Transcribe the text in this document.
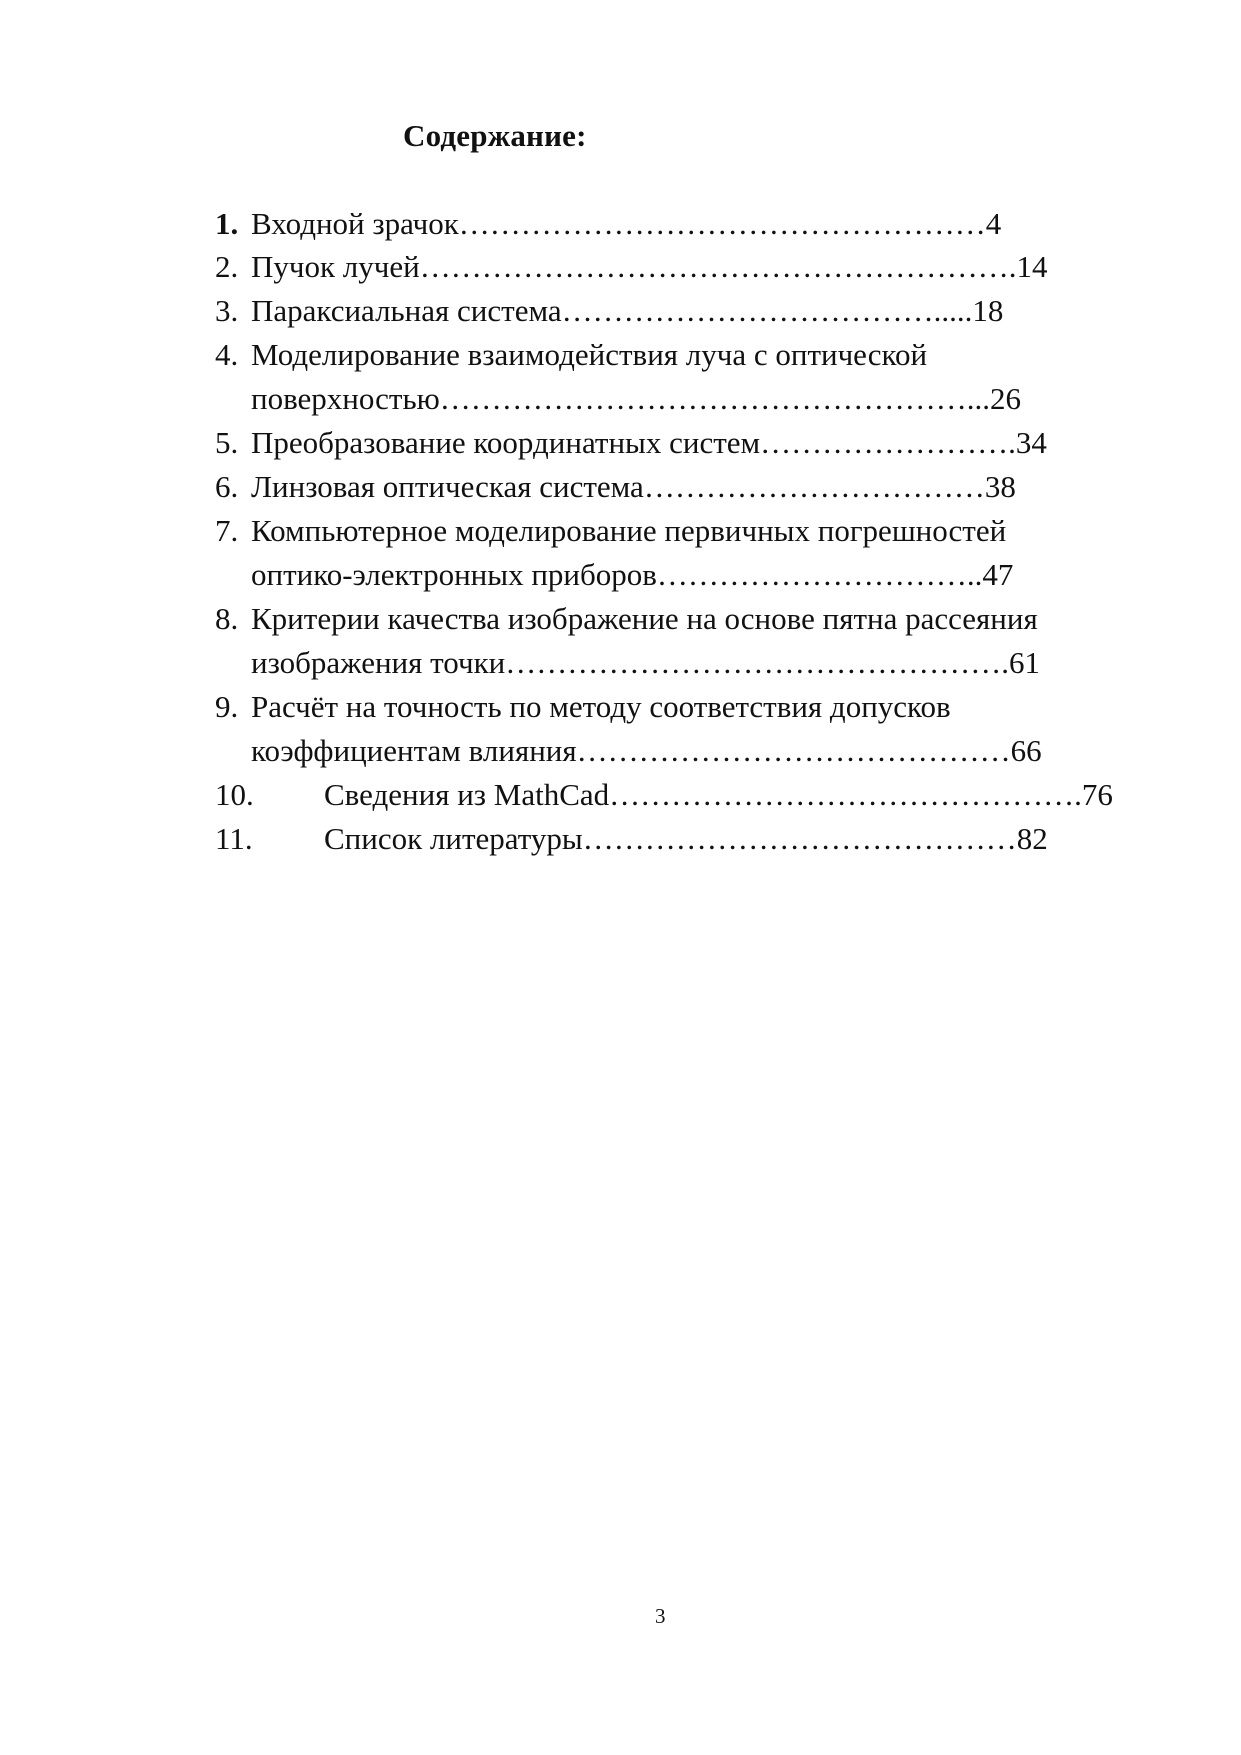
Содержание:
1. Входной зрачок……………………………………………4
2. Пучок лучей………………………………………………….14
3. Параксиальная система……………………………….....18
4. Моделирование взаимодействия луча с оптической
поверхностью……………………………………………...26
5. Преобразование координатных систем…………………….34
6. Линзовая оптическая система……………………………38
7. Компьютерное моделирование первичных погрешностей
оптико-электронных приборов…………………………..47
8. Критерии качества изображение на основе пятна рассеяния
изображения точки………………………………………….61
9. Расчёт на точность по методу соответствия допусков
коэффициентам влияния……………………………………66
10. Сведения из MathCad……………………………………….76
11. Список литературы……………………………………82
3
